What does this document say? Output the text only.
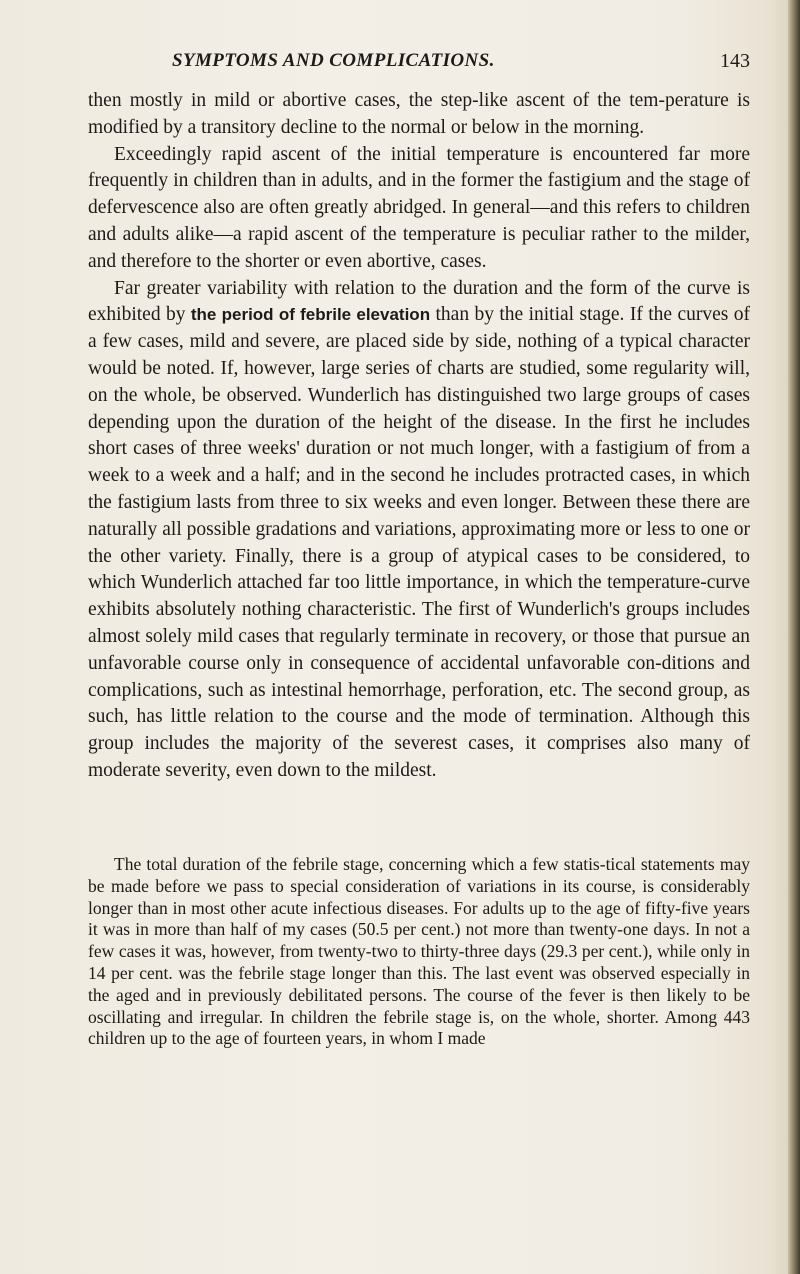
SYMPTOMS AND COMPLICATIONS.	143

then mostly in mild or abortive cases, the step-like ascent of the tem-perature is modified by a transitory decline to the normal or below in the morning.

Exceedingly rapid ascent of the initial temperature is encountered far more frequently in children than in adults, and in the former the fastigium and the stage of defervescence also are often greatly abridged. In general—and this refers to children and adults alike—a rapid ascent of the temperature is peculiar rather to the milder, and therefore to the shorter or even abortive, cases.

Far greater variability with relation to the duration and the form of the curve is exhibited by the period of febrile elevation than by the initial stage. If the curves of a few cases, mild and severe, are placed side by side, nothing of a typical character would be noted. If, however, large series of charts are studied, some regularity will, on the whole, be observed. Wunderlich has distinguished two large groups of cases depending upon the duration of the height of the disease. In the first he includes short cases of three weeks' duration or not much longer, with a fastigium of from a week to a week and a half; and in the second he includes protracted cases, in which the fastigium lasts from three to six weeks and even longer. Between these there are naturally all possible gradations and variations, approximating more or less to one or the other variety. Finally, there is a group of atypical cases to be considered, to which Wunderlich attached far too little importance, in which the temperature-curve exhibits absolutely nothing characteristic. The first of Wunderlich's groups includes almost solely mild cases that regularly terminate in recovery, or those that pursue an unfavorable course only in consequence of accidental unfavorable con-ditions and complications, such as intestinal hemorrhage, perforation, etc. The second group, as such, has little relation to the course and the mode of termination. Although this group includes the majority of the severest cases, it comprises also many of moderate severity, even down to the mildest.

The total duration of the febrile stage, concerning which a few statis-tical statements may be made before we pass to special consideration of variations in its course, is considerably longer than in most other acute infectious diseases. For adults up to the age of fifty-five years it was in more than half of my cases (50.5 per cent.) not more than twenty-one days. In not a few cases it was, however, from twenty-two to thirty-three days (29.3 per cent.), while only in 14 per cent. was the febrile stage longer than this. The last event was observed especially in the aged and in previously debilitated persons. The course of the fever is then likely to be oscillating and irregular. In children the febrile stage is, on the whole, shorter. Among 443 children up to the age of fourteen years, in whom I made
